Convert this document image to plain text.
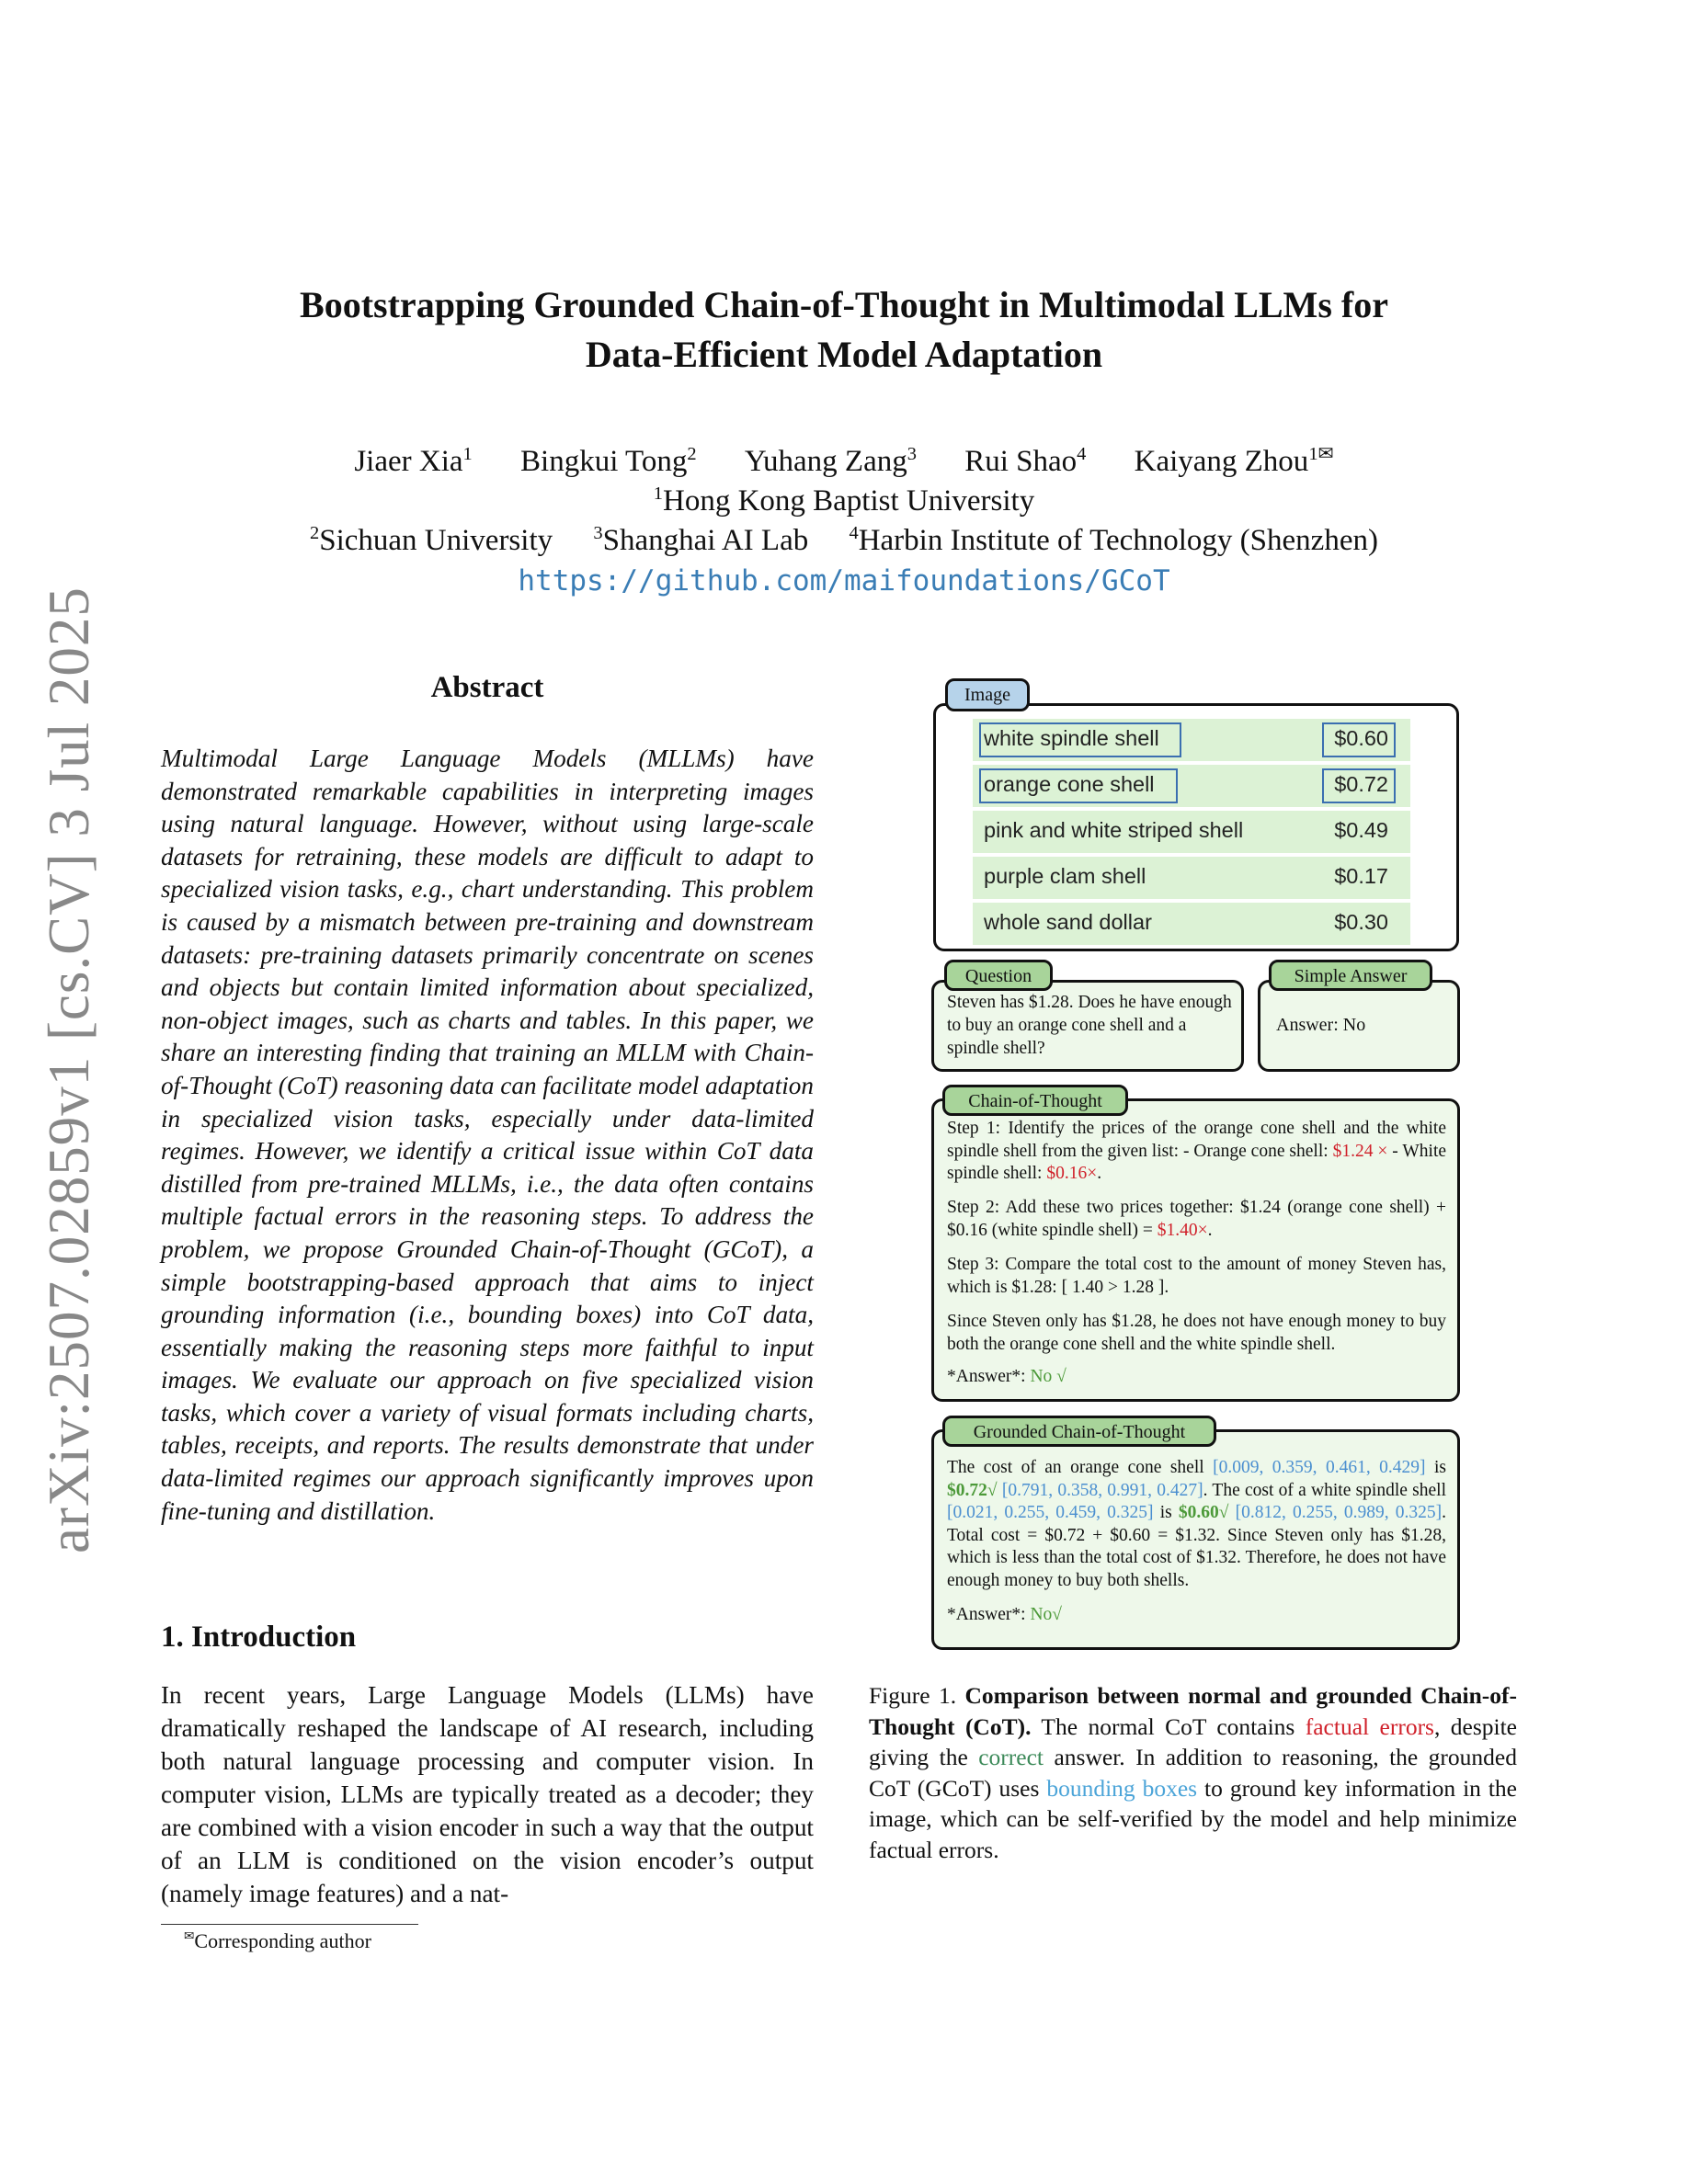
arXiv:2507.02859v1 [cs.CV] 3 Jul 2025
Bootstrapping Grounded Chain-of-Thought in Multimodal LLMs for
Data-Efficient Model Adaptation
Jiaer Xia$^1$ Bingkui Tong$^2$ Yuhang Zang$^3$ Rui Shao$^4$ Kaiyang Zhou$^{1✉}$
$^1$Hong Kong Baptist University
$^2$Sichuan University $^3$Shanghai AI Lab $^4$Harbin Institute of Technology (Shenzhen)
https://github.com/maifoundations/GCoT
Abstract
Multimodal Large Language Models (MLLMs) have demonstrated remarkable capabilities in interpreting images using natural language. However, without using large-scale datasets for retraining, these models are difficult to adapt to specialized vision tasks, e.g., chart understanding. This problem is caused by a mismatch between pre-training and downstream datasets: pre-training datasets primarily concentrate on scenes and objects but contain limited information about specialized, non-object images, such as charts and tables. In this paper, we share an interesting finding that training an MLLM with Chain-of-Thought (CoT) reasoning data can facilitate model adaptation in specialized vision tasks, especially under data-limited regimes. However, we identify a critical issue within CoT data distilled from pre-trained MLLMs, i.e., the data often contains multiple factual errors in the reasoning steps. To address the problem, we propose Grounded Chain-of-Thought (GCoT), a simple bootstrapping-based approach that aims to inject grounding information (i.e., bounding boxes) into CoT data, essentially making the reasoning steps more faithful to input images. We evaluate our approach on five specialized vision tasks, which cover a variety of visual formats including charts, tables, receipts, and reports. The results demonstrate that under data-limited regimes our approach significantly improves upon fine-tuning and distillation.
1. Introduction
In recent years, Large Language Models (LLMs) have dramatically reshaped the landscape of AI research, including both natural language processing and computer vision. In computer vision, LLMs are typically treated as a decoder; they are combined with a vision encoder in such a way that the output of an LLM is conditioned on the vision encoder’s output (namely image features) and a nat-
✉Corresponding author
Image
white spindle shell	$0.60
orange cone shell	$0.72
pink and white striped shell	$0.49
purple clam shell	$0.17
whole sand dollar	$0.30
Question
Steven has $1.28. Does he have enough to buy an orange cone shell and a spindle shell?
Simple Answer
Answer: No
Chain-of-Thought
Step 1: Identify the prices of the orange cone shell and the white spindle shell from the given list: - Orange cone shell: $1.24 × - White spindle shell: $0.16×.
Step 2: Add these two prices together: $1.24 (orange cone shell) + $0.16 (white spindle shell) = $1.40×.
Step 3: Compare the total cost to the amount of money Steven has, which is $1.28: [ 1.40 > 1.28 ].
Since Steven only has $1.28, he does not have enough money to buy both the orange cone shell and the white spindle shell.
*Answer*: No √
Grounded Chain-of-Thought
The cost of an orange cone shell [0.009, 0.359, 0.461, 0.429] is $0.72√ [0.791, 0.358, 0.991, 0.427]. The cost of a white spindle shell [0.021, 0.255, 0.459, 0.325] is $0.60√ [0.812, 0.255, 0.989, 0.325]. Total cost = $0.72 + $0.60 = $1.32. Since Steven only has $1.28, which is less than the total cost of $1.32. Therefore, he does not have enough money to buy both shells.
*Answer*: No√
Figure 1. Comparison between normal and grounded Chain-of-Thought (CoT). The normal CoT contains factual errors, despite giving the correct answer. In addition to reasoning, the grounded CoT (GCoT) uses bounding boxes to ground key information in the image, which can be self-verified by the model and help minimize factual errors.
